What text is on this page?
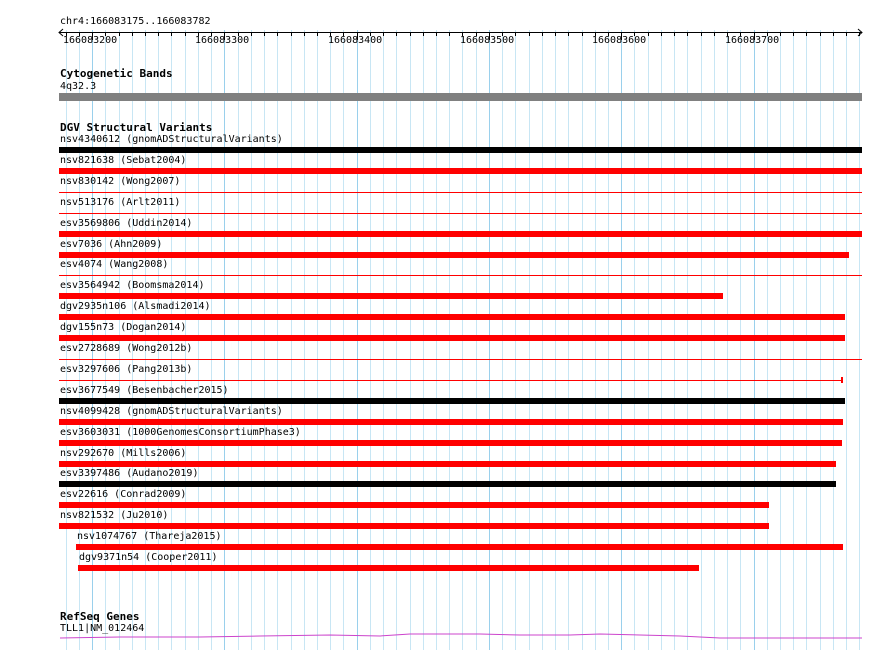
chr4:166083175..166083782
166083200	166083300	166083400	166083500	166083600	166083700
Cytogenetic Bands
4q32.3
DGV Structural Variants
nsv4340612 (gnomADStructuralVariants)
nsv821638 (Sebat2004)
nsv830142 (Wong2007)
nsv513176 (Arlt2011)
esv3569806 (Uddin2014)
esv7036 (Ahn2009)
esv4074 (Wang2008)
esv3564942 (Boomsma2014)
dgv2935n106 (Alsmadi2014)
dgv155n73 (Dogan2014)
esv2728689 (Wong2012b)
esv3297606 (Pang2013b)
esv3677549 (Besenbacher2015)
nsv4099428 (gnomADStructuralVariants)
esv3603031 (1000GenomesConsortiumPhase3)
nsv292670 (Mills2006)
esv3397486 (Audano2019)
esv22616 (Conrad2009)
nsv821532 (Ju2010)
nsv1074767 (Thareja2015)
dgv9371n54 (Cooper2011)
RefSeq Genes
TLL1|NM_012464
